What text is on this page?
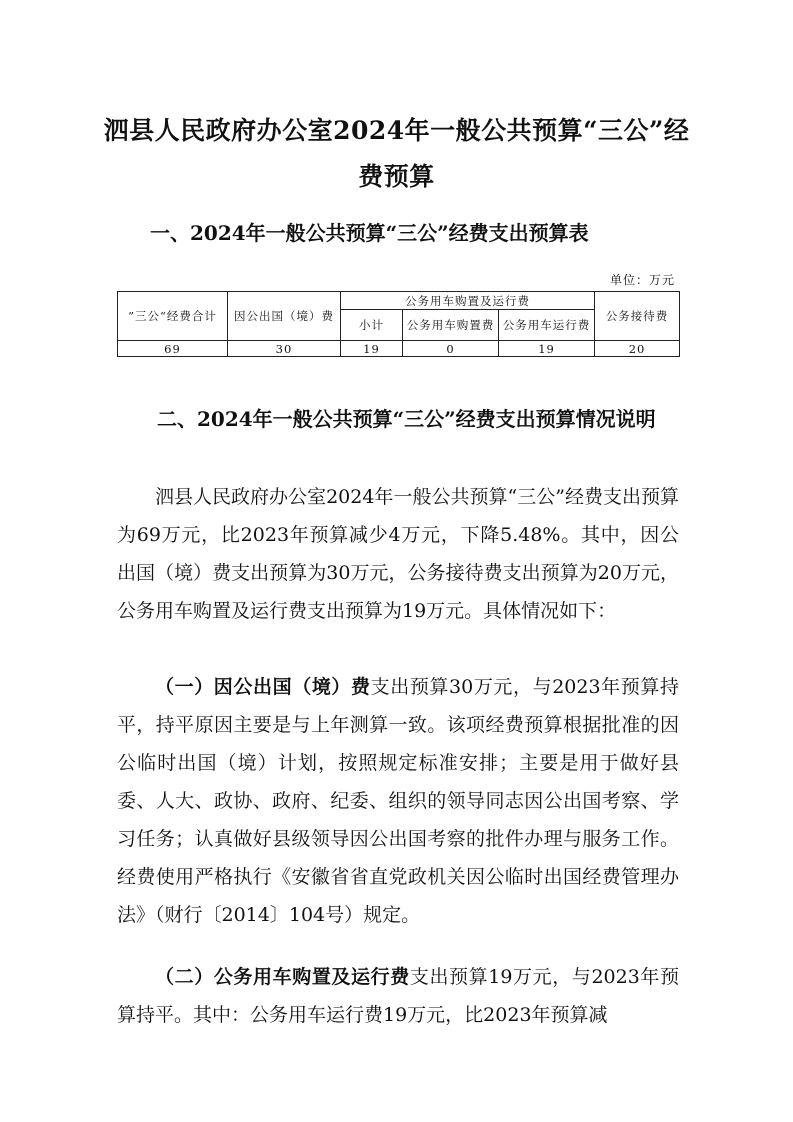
泗县人民政府办公室2024年一般公共预算“三公”经费预算
一、2024年一般公共预算“三公”经费支出预算表
单位：万元
”三公“经费合计	因公出国（境）费	公务用车购置及运行费			公务接待费
		小计	公务用车购置费	公务用车运行费	
69	30	19	0	19	20
二、2024年一般公共预算“三公”经费支出预算情况说明

泗县人民政府办公室2024年一般公共预算“三公”经费支出预算为69万元，比2023年预算减少4万元，下降5.48%。其中，因公出国（境）费支出预算为30万元，公务接待费支出预算为20万元，公务用车购置及运行费支出预算为19万元。具体情况如下：

（一）因公出国（境）费支出预算30万元，与2023年预算持平，持平原因主要是与上年测算一致。该项经费预算根据批准的因公临时出国（境）计划，按照规定标准安排；主要是用于做好县委、人大、政协、政府、纪委、组织的领导同志因公出国考察、学习任务；认真做好县级领导因公出国考察的批件办理与服务工作。经费使用严格执行《安徽省省直党政机关因公临时出国经费管理办法》（财行〔2014〕104号）规定。

（二）公务用车购置及运行费支出预算19万元，与2023年预算持平。其中：公务用车运行费19万元，比2023年预算减
